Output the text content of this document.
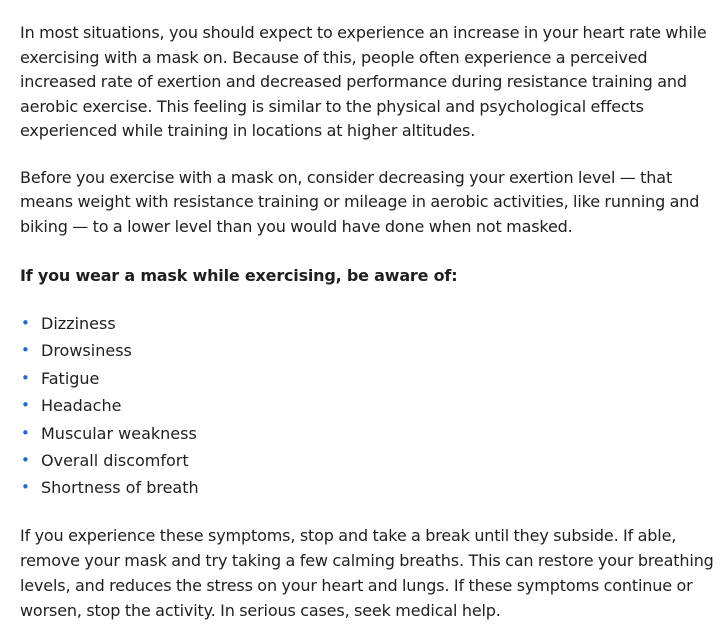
In most situations, you should expect to experience an increase in your heart rate while exercising with a mask on. Because of this, people often experience a perceived increased rate of exertion and decreased performance during resistance training and aerobic exercise. This feeling is similar to the physical and psychological effects experienced while training in locations at higher altitudes.

Before you exercise with a mask on, consider decreasing your exertion level — that means weight with resistance training or mileage in aerobic activities, like running and biking — to a lower level than you would have done when not masked.

If you wear a mask while exercising, be aware of:

• Dizziness
• Drowsiness
• Fatigue
• Headache
• Muscular weakness
• Overall discomfort
• Shortness of breath

If you experience these symptoms, stop and take a break until they subside. If able, remove your mask and try taking a few calming breaths. This can restore your breathing levels, and reduces the stress on your heart and lungs. If these symptoms continue or worsen, stop the activity. In serious cases, seek medical help.
